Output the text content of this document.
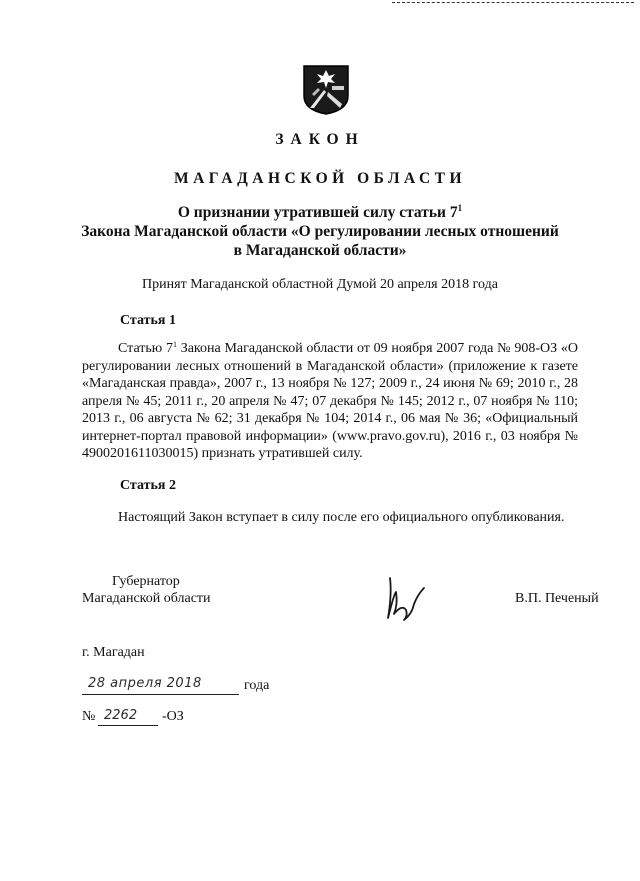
ЗАКОН
МАГАДАНСКОЙ ОБЛАСТИ
О признании утратившей силу статьи $7^1$
Закона Магаданской области «О регулировании лесных отношений
в Магаданской области»
Принят Магаданской областной Думой 20 апреля 2018 года
Статья 1
Статью $7^1$ Закона Магаданской области от 09 ноября 2007 года № 908-ОЗ «О регулировании лесных отношений в Магаданской области» (приложение к газете «Магаданская правда», 2007 г., 13 ноября № 127; 2009 г., 24 июня № 69; 2010 г., 28 апреля № 45; 2011 г., 20 апреля № 47; 07 декабря № 145; 2012 г., 07 ноября № 110; 2013 г., 06 августа № 62; 31 декабря № 104; 2014 г., 06 мая № 36; «Официальный интернет-портал правовой информации» (www.pravo.gov.ru), 2016 г., 03 ноября № 4900201611030015) признать утратившей силу.
Статья 2
Настоящий Закон вступает в силу после его официального опубликования.
Губернатор
Магаданской области	В.П. Печеный
г. Магадан
28 апреля 2018	года
№ 2262 -ОЗ
